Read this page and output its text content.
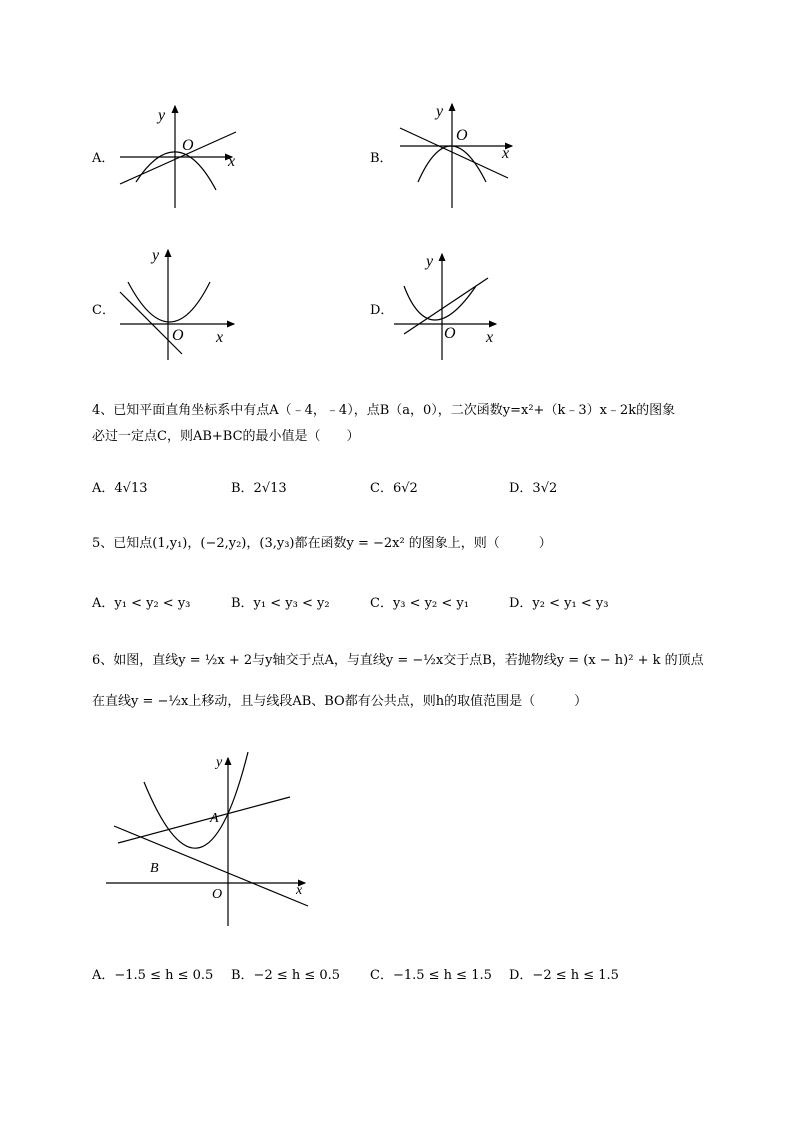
A．	x
y
O
B．	x
y
O
C．
x
y
O
D．
x
y
O
4、已知平面直角坐标系中有点A（﹣4，﹣4），点B（a，0），二次函数y=x²+（k﹣3）x﹣2k的图象
必过一定点C，则AB+BC的最小值是（　　）
A．4√13	B．2√13	C．6√2	D．3√2
5、已知点(1,y₁)，(−2,y₂)，(3,y₃)都在函数y = −2x² 的图象上，则（　　　）
A．y₁ < y₂ < y₃	B．y₁ < y₃ < y₂	C．y₃ < y₂ < y₁	D．y₂ < y₁ < y₃
6、如图，直线y = ½x + 2与y轴交于点A，与直线y = −½x交于点B，若抛物线y = (x − h)² + k 的顶点
在直线y = −½x上移动，且与线段AB、BO都有公共点，则h的取值范围是（　　　）
x
y
O
A
B
A．−1.5 ≤ h ≤ 0.5 B．−2 ≤ h ≤ 0.5 C．−1.5 ≤ h ≤ 1.5 D．−2 ≤ h ≤ 1.5
